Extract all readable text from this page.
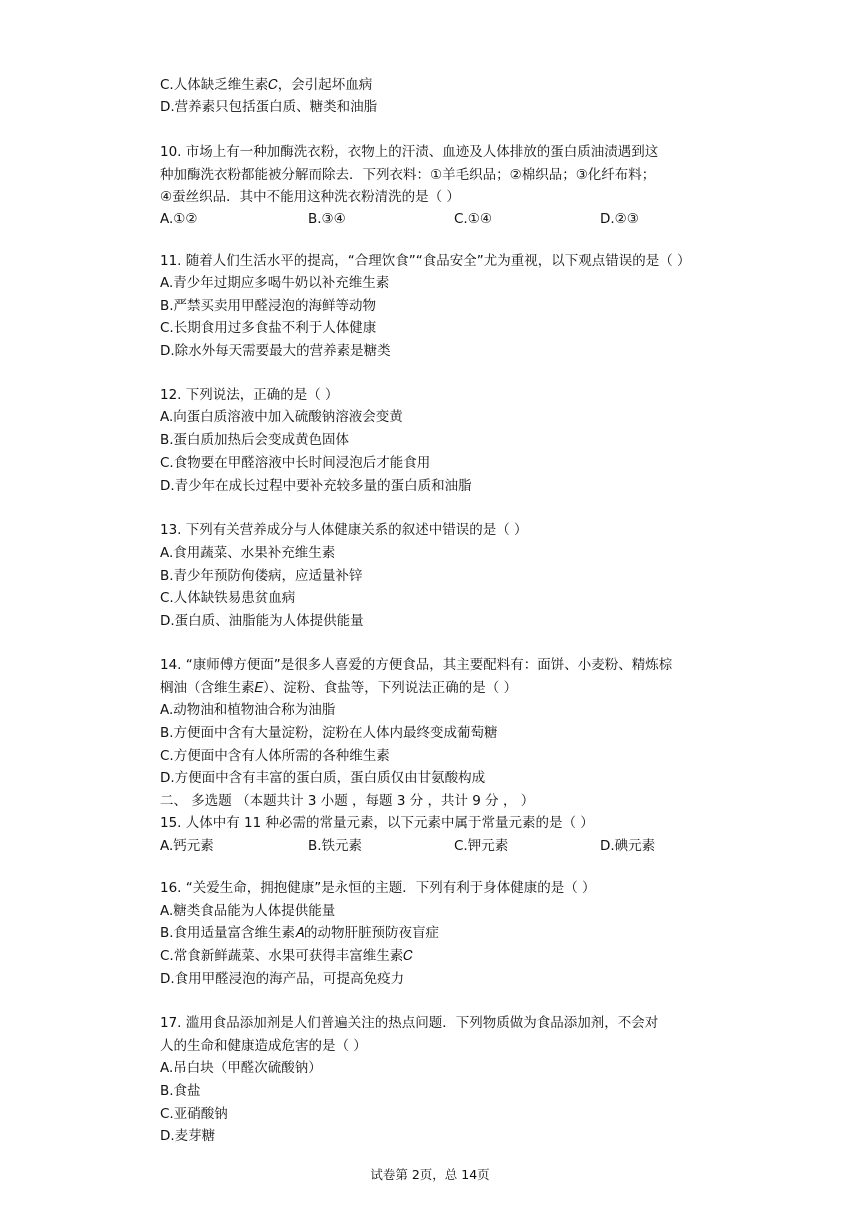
C.人体缺乏维生素𝐶，会引起坏血病
D.营养素只包括蛋白质、糖类和油脂
10. 市场上有一种加酶洗衣粉，衣物上的汗渍、血迹及人体排放的蛋白质油渍遇到这
种加酶洗衣粉都能被分解而除去．下列衣料：①羊毛织品；②棉织品；③化纤布料；
④蚕丝织品．其中不能用这种洗衣粉清洗的是（ ）
A.①②	B.③④	C.①④	D.②③
11. 随着人们生活水平的提高，“合理饮食”“食品安全”尤为重视，以下观点错误的是（ ）
A.青少年过期应多喝牛奶以补充维生素
B.严禁买卖用甲醛浸泡的海鲜等动物
C.长期食用过多食盐不利于人体健康
D.除水外每天需要最大的营养素是糖类
12. 下列说法，正确的是（ ）
A.向蛋白质溶液中加入硫酸钠溶液会变黄
B.蛋白质加热后会变成黄色固体
C.食物要在甲醛溶液中长时间浸泡后才能食用
D.青少年在成长过程中要补充较多量的蛋白质和油脂
13. 下列有关营养成分与人体健康关系的叙述中错误的是（ ）
A.食用蔬菜、水果补充维生素
B.青少年预防佝偻病，应适量补锌
C.人体缺铁易患贫血病
D.蛋白质、油脂能为人体提供能量
14. “康师傅方便面”是很多人喜爱的方便食品，其主要配料有：面饼、小麦粉、精炼棕
榈油（含维生素𝐸）、淀粉、食盐等，下列说法正确的是（ ）
A.动物油和植物油合称为油脂
B.方便面中含有大量淀粉，淀粉在人体内最终变成葡萄糖
C.方便面中含有人体所需的各种维生素
D.方便面中含有丰富的蛋白质，蛋白质仅由甘氨酸构成
二、 多选题 （本题共计 3 小题 ，每题 3 分 ，共计 9 分 ， ）
15. 人体中有 11 种必需的常量元素，以下元素中属于常量元素的是（ ）
A.钙元素	B.铁元素	C.钾元素	D.碘元素
16. “关爱生命，拥抱健康”是永恒的主题．下列有利于身体健康的是（ ）
A.糖类食品能为人体提供能量
B.食用适量富含维生素𝐴的动物肝脏预防夜盲症
C.常食新鲜蔬菜、水果可获得丰富维生素𝐶
D.食用甲醛浸泡的海产品，可提高免疫力
17. 滥用食品添加剂是人们普遍关注的热点问题．下列物质做为食品添加剂，不会对
人的生命和健康造成危害的是（ ）
A.吊白块（甲醛次硫酸钠）
B.食盐
C.亚硝酸钠
D.麦芽糖
试卷第 2页，总 14页
